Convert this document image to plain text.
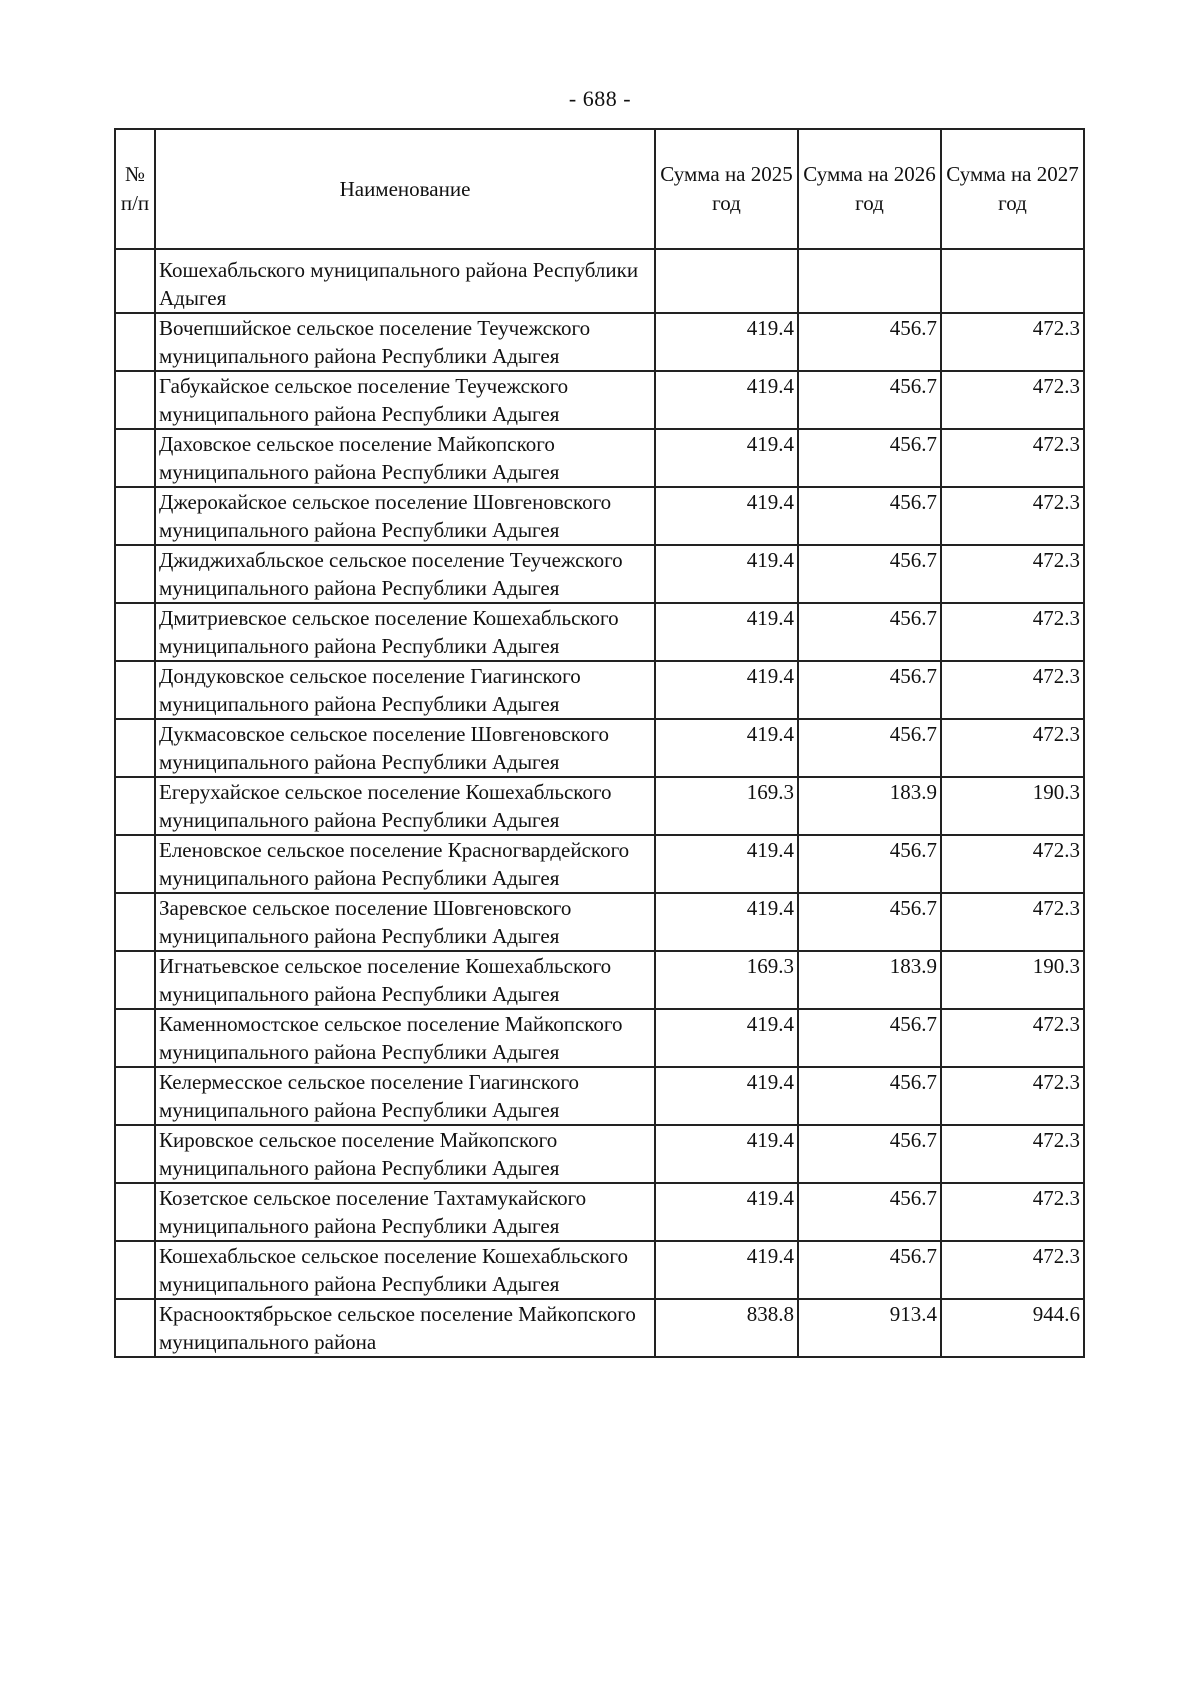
- 688 -
№ п/п	Наименование	Сумма на 2025 год	Сумма на 2026 год	Сумма на 2027 год
	Кошехабльского муниципального района Республики Адыгея			
	Вочепшийское сельское поселение Теучежского муниципального района Республики Адыгея	419.4	456.7	472.3
	Габукайское сельское поселение Теучежского муниципального района Республики Адыгея	419.4	456.7	472.3
	Даховское сельское поселение Майкопского муниципального района Республики Адыгея	419.4	456.7	472.3
	Джерокайское сельское поселение Шовгеновского муниципального района Республики Адыгея	419.4	456.7	472.3
	Джиджихабльское сельское поселение Теучежского муниципального района Республики Адыгея	419.4	456.7	472.3
	Дмитриевское сельское поселение Кошехабльского муниципального района Республики Адыгея	419.4	456.7	472.3
	Дондуковское сельское поселение Гиагинского муниципального района Республики Адыгея	419.4	456.7	472.3
	Дукмасовское сельское поселение Шовгеновского муниципального района Республики Адыгея	419.4	456.7	472.3
	Егерухайское сельское поселение Кошехабльского муниципального района Республики Адыгея	169.3	183.9	190.3
	Еленовское сельское поселение Красногвардейского муниципального района Республики Адыгея	419.4	456.7	472.3
	Заревское сельское поселение Шовгеновского муниципального района Республики Адыгея	419.4	456.7	472.3
	Игнатьевское сельское поселение Кошехабльского муниципального района Республики Адыгея	169.3	183.9	190.3
	Каменномостское сельское поселение Майкопского муниципального района Республики Адыгея	419.4	456.7	472.3
	Келермесское сельское поселение Гиагинского муниципального района Республики Адыгея	419.4	456.7	472.3
	Кировское сельское поселение Майкопского муниципального района Республики Адыгея	419.4	456.7	472.3
	Козетское сельское поселение Тахтамукайского муниципального района Республики Адыгея	419.4	456.7	472.3
	Кошехабльское сельское поселение Кошехабльского муниципального района Республики Адыгея	419.4	456.7	472.3
	Краснооктябрьское сельское поселение Майкопского муниципального района	838.8	913.4	944.6
